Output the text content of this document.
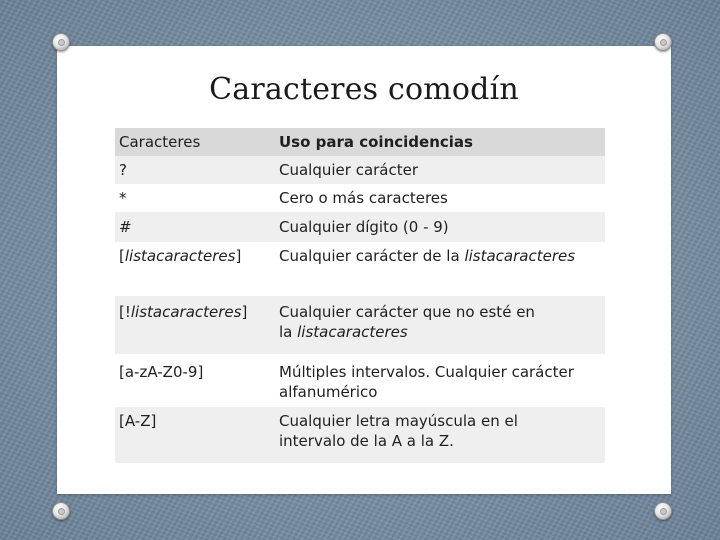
Caracteres comodín
Caracteres	Uso para coincidencias
?	Cualquier carácter
*	Cero o más caracteres
#	Cualquier dígito (0 - 9)
[listacaracteres]	Cualquier carácter de la listacaracteres
[!listacaracteres]	Cualquier carácter que no esté en
la listacaracteres
[a-zA-Z0-9]	Múltiples intervalos. Cualquier carácter
alfanumérico
[A-Z]	Cualquier letra mayúscula en el
intervalo de la A a la Z.
